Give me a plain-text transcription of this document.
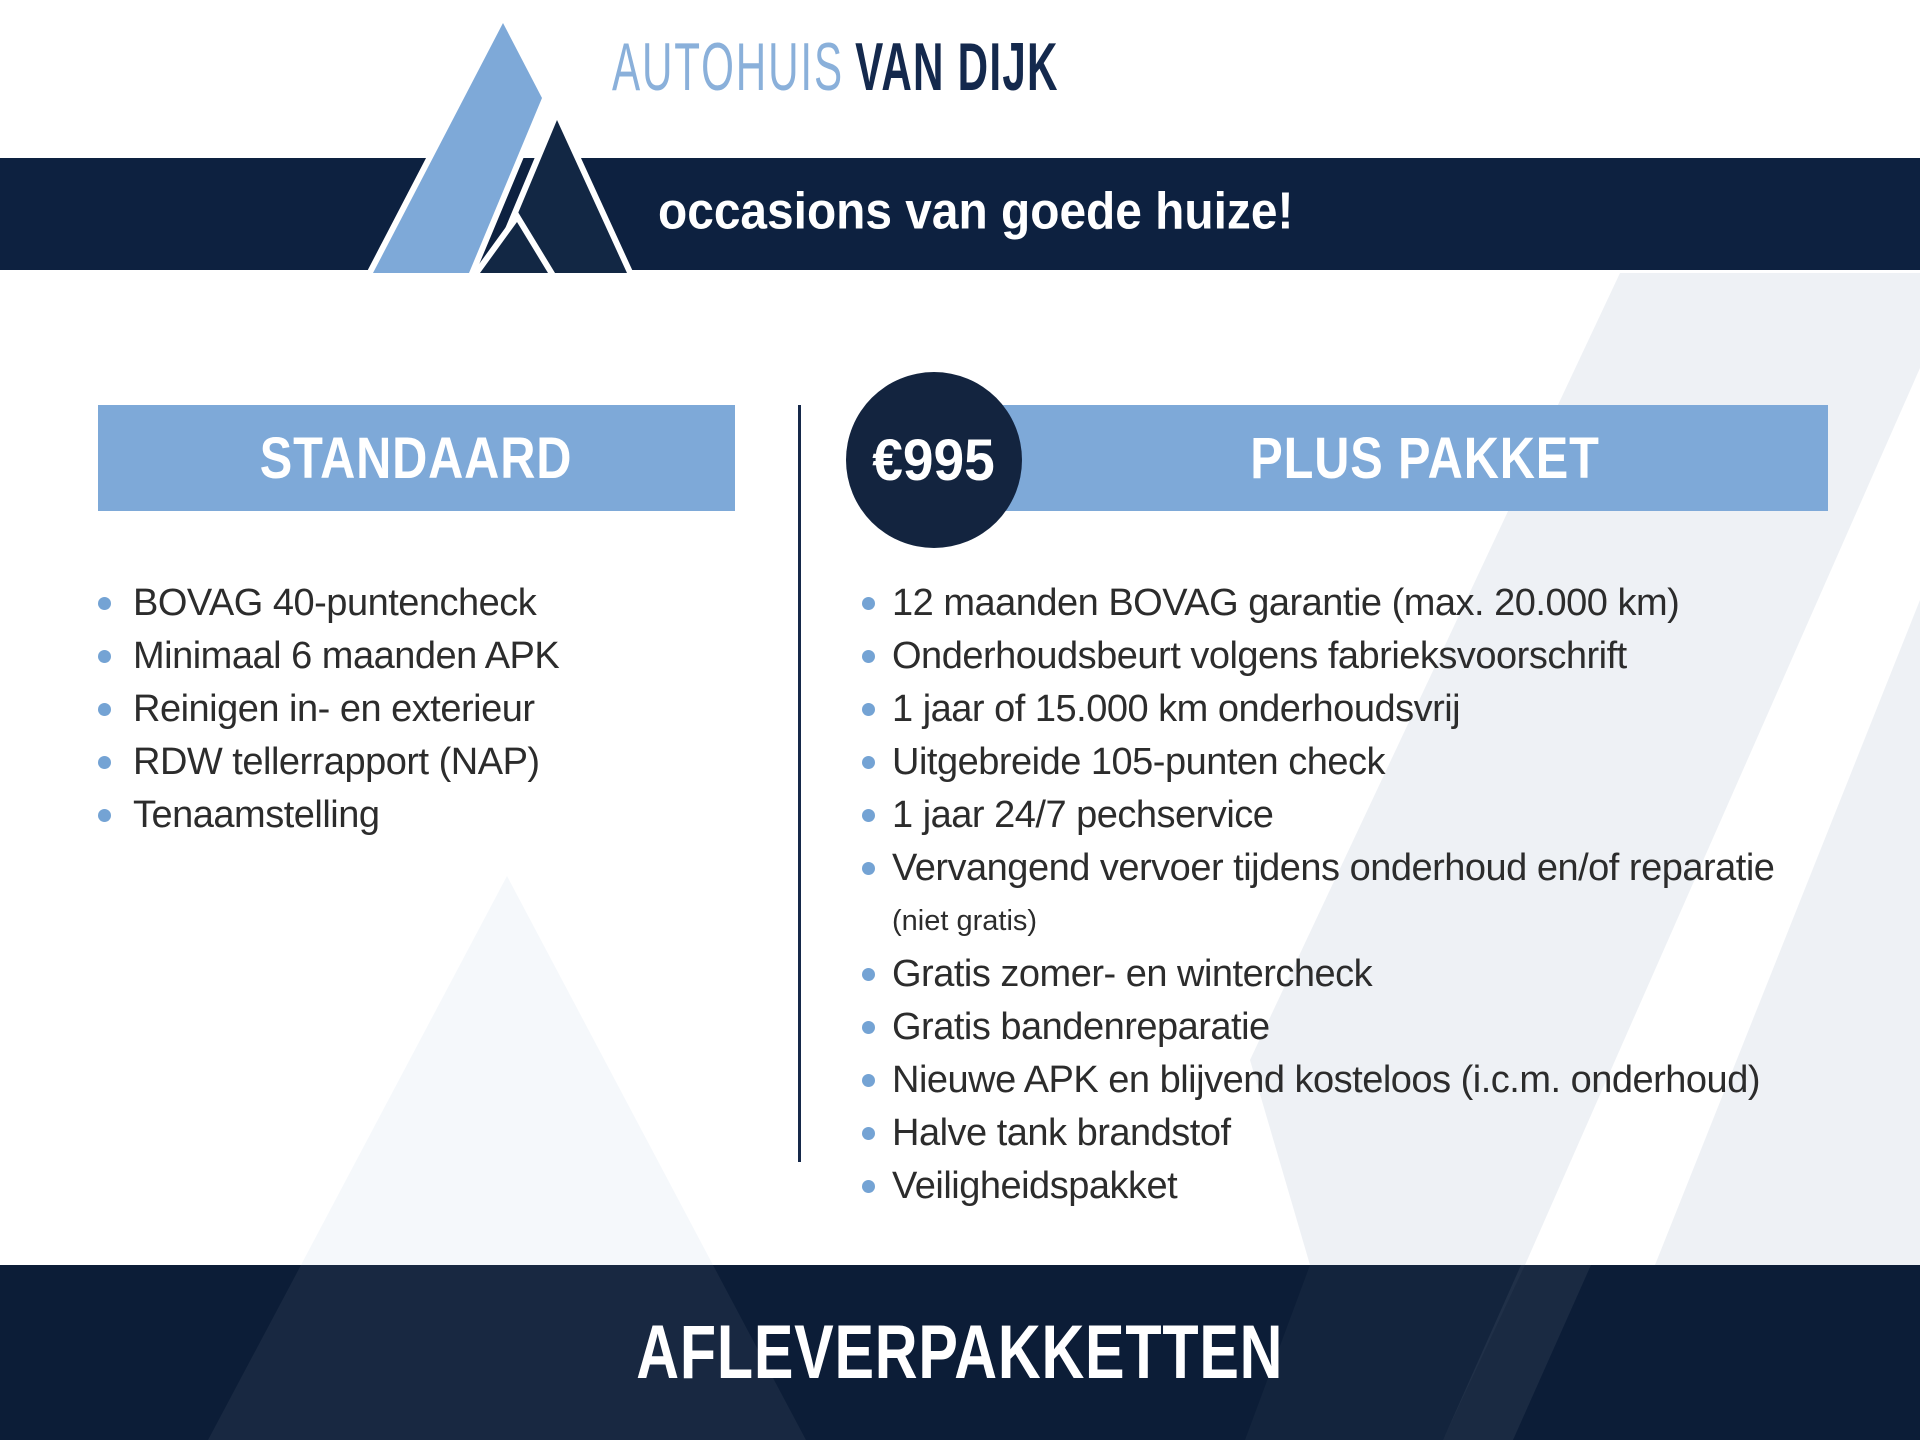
AUTOHUIS VAN DIJK
occasions van goede huize!
STANDAARD
BOVAG 40-puntencheck
Minimaal 6 maanden APK
Reinigen in- en exterieur
RDW tellerrapport (NAP)
Tenaamstelling
PLUS PAKKET
€995
12 maanden BOVAG garantie (max. 20.000 km)
Onderhoudsbeurt volgens fabrieksvoorschrift
1 jaar of 15.000 km onderhoudsvrij
Uitgebreide 105-punten check
1 jaar 24/7 pechservice
Vervangend vervoer tijdens onderhoud en/of reparatie
(niet gratis)
Gratis zomer- en wintercheck
Gratis bandenreparatie
Nieuwe APK en blijvend kosteloos (i.c.m. onderhoud)
Halve tank brandstof
Veiligheidspakket
AFLEVERPAKKETTEN
